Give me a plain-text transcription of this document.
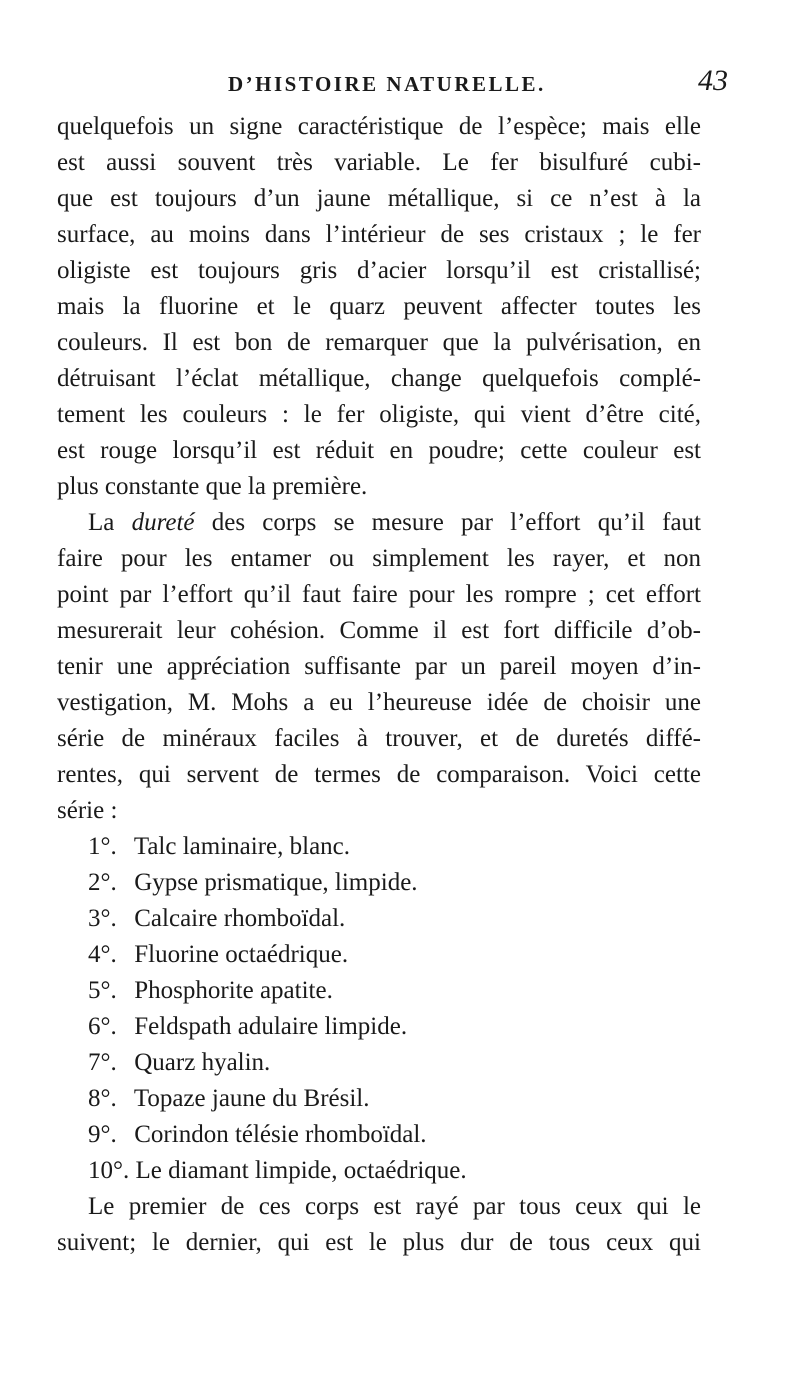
D’HISTOIRE NATURELLE.	43
quelquefois un signe caractéristique de l’espèce; mais elle
est aussi souvent très variable. Le fer bisulfuré cubi-
que est toujours d’un jaune métallique, si ce n’est à la
surface, au moins dans l’intérieur de ses cristaux ; le fer
oligiste est toujours gris d’acier lorsqu’il est cristallisé;
mais la fluorine et le quarz peuvent affecter toutes les
couleurs. Il est bon de remarquer que la pulvérisation, en
détruisant l’éclat métallique, change quelquefois complé-
tement les couleurs : le fer oligiste, qui vient d’être cité,
est rouge lorsqu’il est réduit en poudre; cette couleur est
plus constante que la première.
La dureté des corps se mesure par l’effort qu’il faut
faire pour les entamer ou simplement les rayer, et non
point par l’effort qu’il faut faire pour les rompre ; cet effort
mesurerait leur cohésion. Comme il est fort difficile d’ob-
tenir une appréciation suffisante par un pareil moyen d’in-
vestigation, M. Mohs a eu l’heureuse idée de choisir une
série de minéraux faciles à trouver, et de duretés diffé-
rentes, qui servent de termes de comparaison. Voici cette
série :
1°. Talc laminaire, blanc.
2°. Gypse prismatique, limpide.
3°. Calcaire rhomboïdal.
4°. Fluorine octaédrique.
5°. Phosphorite apatite.
6°. Feldspath adulaire limpide.
7°. Quarz hyalin.
8°. Topaze jaune du Brésil.
9°. Corindon télésie rhomboïdal.
10°. Le diamant limpide, octaédrique.
Le premier de ces corps est rayé par tous ceux qui le
suivent; le dernier, qui est le plus dur de tous ceux qui
